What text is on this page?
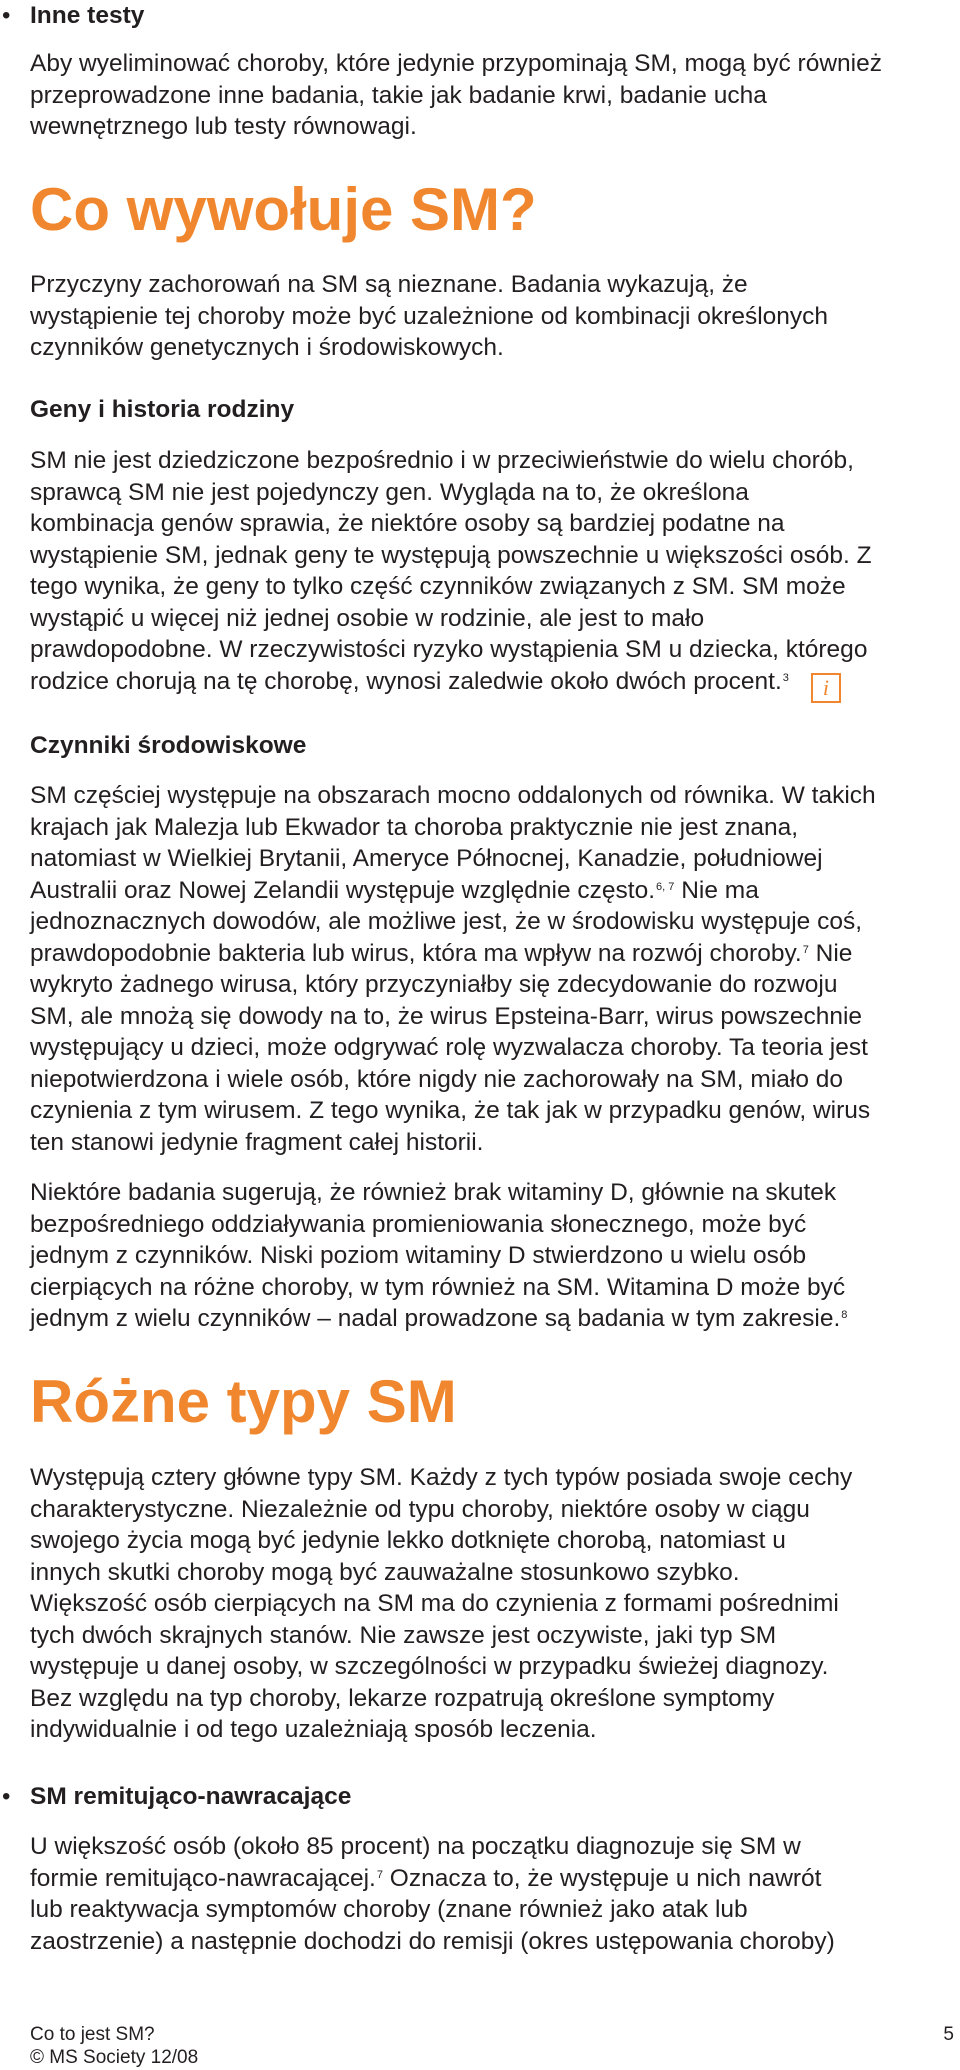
• Inne testy

Aby wyeliminować choroby, które jedynie przypominają SM, mogą być również
przeprowadzone inne badania, takie jak badanie krwi, badanie ucha
wewnętrznego lub testy równowagi.

Co wywołuje SM?

Przyczyny zachorowań na SM są nieznane. Badania wykazują, że
wystąpienie tej choroby może być uzależnione od kombinacji określonych
czynników genetycznych i środowiskowych.

Geny i historia rodziny

SM nie jest dziedziczone bezpośrednio i w przeciwieństwie do wielu chorób,
sprawcą SM nie jest pojedynczy gen. Wygląda na to, że określona
kombinacja genów sprawia, że niektóre osoby są bardziej podatne na
wystąpienie SM, jednak geny te występują powszechnie u większości osób. Z
tego wynika, że geny to tylko część czynników związanych z SM. SM może
wystąpić u więcej niż jednej osobie w rodzinie, ale jest to mało
prawdopodobne. W rzeczywistości ryzyko wystąpienia SM u dziecka, którego
rodzice chorują na tę chorobę, wynosi zaledwie około dwóch procent.$^3$ i

Czynniki środowiskowe

SM częściej występuje na obszarach mocno oddalonych od równika. W takich
krajach jak Malezja lub Ekwador ta choroba praktycznie nie jest znana,
natomiast w Wielkiej Brytanii, Ameryce Północnej, Kanadzie, południowej
Australii oraz Nowej Zelandii występuje względnie często.$^{6, 7}$ Nie ma
jednoznacznych dowodów, ale możliwe jest, że w środowisku występuje coś,
prawdopodobnie bakteria lub wirus, która ma wpływ na rozwój choroby.$^7$ Nie
wykryto żadnego wirusa, który przyczyniałby się zdecydowanie do rozwoju
SM, ale mnożą się dowody na to, że wirus Epsteina-Barr, wirus powszechnie
występujący u dzieci, może odgrywać rolę wyzwalacza choroby. Ta teoria jest
niepotwierdzona i wiele osób, które nigdy nie zachorowały na SM, miało do
czynienia z tym wirusem. Z tego wynika, że tak jak w przypadku genów, wirus
ten stanowi jedynie fragment całej historii.

Niektóre badania sugerują, że również brak witaminy D, głównie na skutek
bezpośredniego oddziaływania promieniowania słonecznego, może być
jednym z czynników. Niski poziom witaminy D stwierdzono u wielu osób
cierpiących na różne choroby, w tym również na SM. Witamina D może być
jednym z wielu czynników – nadal prowadzone są badania w tym zakresie.$^8$

Różne typy SM

Występują cztery główne typy SM. Każdy z tych typów posiada swoje cechy
charakterystyczne. Niezależnie od typu choroby, niektóre osoby w ciągu
swojego życia mogą być jedynie lekko dotknięte chorobą, natomiast u
innych skutki choroby mogą być zauważalne stosunkowo szybko.
Większość osób cierpiących na SM ma do czynienia z formami pośrednimi
tych dwóch skrajnych stanów. Nie zawsze jest oczywiste, jaki typ SM
występuje u danej osoby, w szczególności w przypadku świeżej diagnozy.
Bez względu na typ choroby, lekarze rozpatrują określone symptomy
indywidualnie i od tego uzależniają sposób leczenia.

• SM remitująco-nawracające

U większość osób (około 85 procent) na początku diagnozuje się SM w
formie remitująco-nawracającej.$^7$ Oznacza to, że występuje u nich nawrót
lub reaktywacja symptomów choroby (znane również jako atak lub
zaostrzenie) a następnie dochodzi do remisji (okres ustępowania choroby)

Co to jest SM?
© MS Society 12/08
5
